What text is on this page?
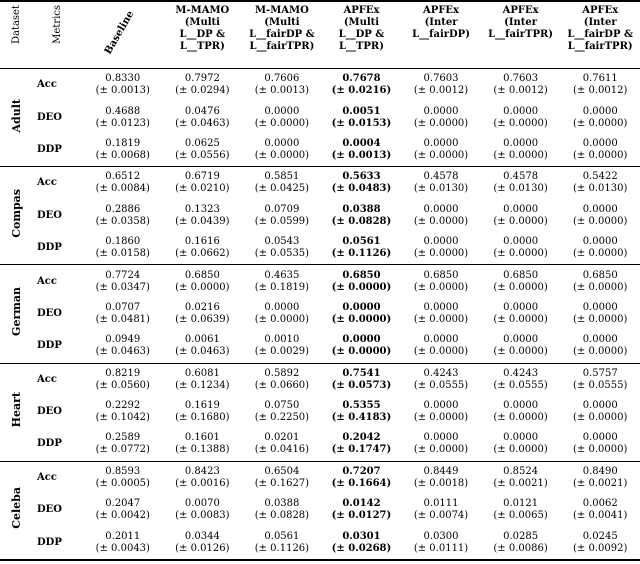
Dataset	Metrics	Baseline	M-MAMO
(Multi
L__DP &
L__TPR)	M-MAMO
(Multi
L__fairDP &
L__fairTPR)	APFEx
(Multi
L__DP &
L__TPR)	APFEx
(Inter
L__fairDP)	APFEx
(Inter
L__fairTPR)	APFEx
(Inter
L__fairDP &
L__fairTPR)

Adult	Acc	0.8330
(± 0.0013)	0.7972
(± 0.0294)	0.7606
(± 0.0013)	0.7678
(± 0.0216)	0.7603
(± 0.0012)	0.7603
(± 0.0012)	0.7611
(± 0.0012)

	DEO	0.4688
(± 0.0123)	0.0476
(± 0.0463)	0.0000
(± 0.0000)	0.0051
(± 0.0153)	0.0000
(± 0.0000)	0.0000
(± 0.0000)	0.0000
(± 0.0000)

	DDP	0.1819
(± 0.0068)	0.0625
(± 0.0556)	0.0000
(± 0.0000)	0.0004
(± 0.0013)	0.0000
(± 0.0000)	0.0000
(± 0.0000)	0.0000
(± 0.0000)

Compas	Acc	0.6512
(± 0.0084)	0.6719
(± 0.0210)	0.5851
(± 0.0425)	0.5633
(± 0.0483)	0.4578
(± 0.0130)	0.4578
(± 0.0130)	0.5422
(± 0.0130)

	DEO	0.2886
(± 0.0358)	0.1323
(± 0.0439)	0.0709
(± 0.0599)	0.0388
(± 0.0828)	0.0000
(± 0.0000)	0.0000
(± 0.0000)	0.0000
(± 0.0000)

	DDP	0.1860
(± 0.0158)	0.1616
(± 0.0662)	0.0543
(± 0.0535)	0.0561
(± 0.1126)	0.0000
(± 0.0000)	0.0000
(± 0.0000)	0.0000
(± 0.0000)

German	Acc	0.7724
(± 0.0347)	0.6850
(± 0.0000)	0.4635
(± 0.1819)	0.6850
(± 0.0000)	0.6850
(± 0.0000)	0.6850
(± 0.0000)	0.6850
(± 0.0000)

	DEO	0.0707
(± 0.0481)	0.0216
(± 0.0639)	0.0000
(± 0.0000)	0.0000
(± 0.0000)	0.0000
(± 0.0000)	0.0000
(± 0.0000)	0.0000
(± 0.0000)

	DDP	0.0949
(± 0.0463)	0.0061
(± 0.0463)	0.0010
(± 0.0029)	0.0000
(± 0.0000)	0.0000
(± 0.0000)	0.0000
(± 0.0000)	0.0000
(± 0.0000)

Heart	Acc	0.8219
(± 0.0560)	0.6081
(± 0.1234)	0.5892
(± 0.0660)	0.7541
(± 0.0573)	0.4243
(± 0.0555)	0.4243
(± 0.0555)	0.5757
(± 0.0555)

	DEO	0.2292
(± 0.1042)	0.1619
(± 0.1680)	0.0750
(± 0.2250)	0.5355
(± 0.4183)	0.0000
(± 0.0000)	0.0000
(± 0.0000)	0.0000
(± 0.0000)

	DDP	0.2589
(± 0.0772)	0.1601
(± 0.1388)	0.0201
(± 0.0416)	0.2042
(± 0.1747)	0.0000
(± 0.0000)	0.0000
(± 0.0000)	0.0000
(± 0.0000)

Celeba	Acc	0.8593
(± 0.0005)	0.8423
(± 0.0016)	0.6504
(± 0.1627)	0.7207
(± 0.1664)	0.8449
(± 0.0018)	0.8524
(± 0.0021)	0.8490
(± 0.0021)

	DEO	0.2047
(± 0.0042)	0.0070
(± 0.0083)	0.0388
(± 0.0828)	0.0142
(± 0.0127)	0.0111
(± 0.0074)	0.0121
(± 0.0065)	0.0062
(± 0.0041)

	DDP	0.2011
(± 0.0043)	0.0344
(± 0.0126)	0.0561
(± 0.1126)	0.0301
(± 0.0268)	0.0300
(± 0.0111)	0.0285
(± 0.0086)	0.0245
(± 0.0092)
